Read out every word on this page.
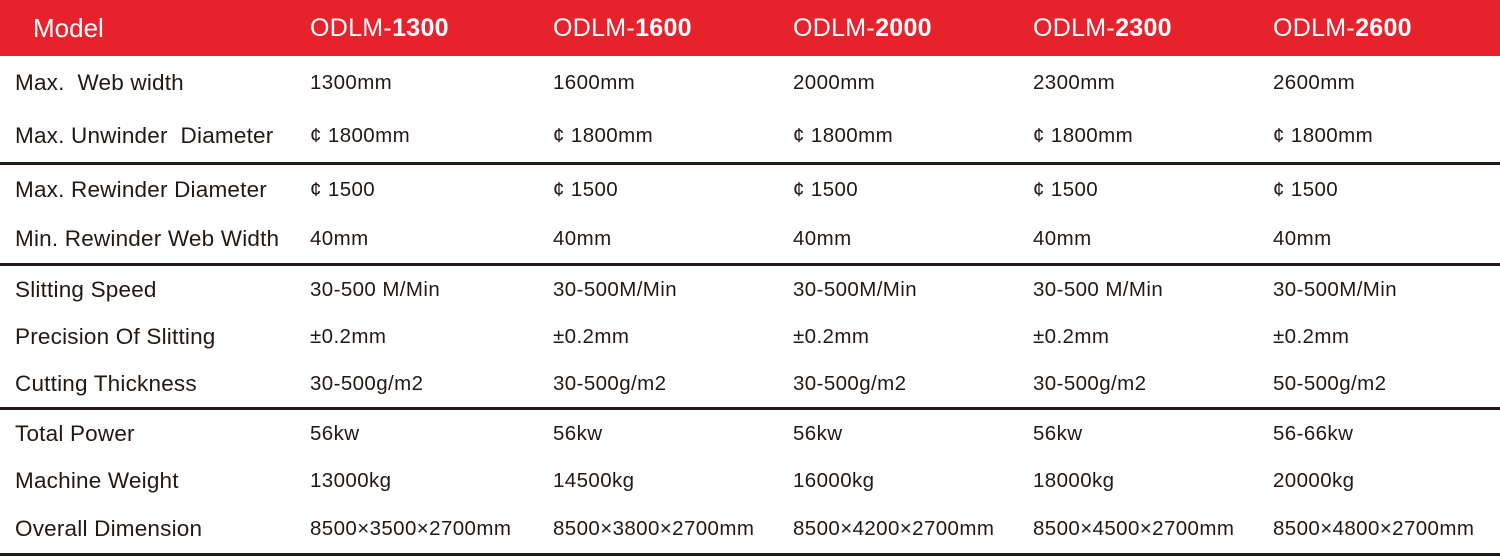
Model	ODLM-1300	ODLM-1600	ODLM-2000	ODLM-2300	ODLM-2600
Max.  Web width	1300mm	1600mm	2000mm	2300mm	2600mm
Max. Unwinder  Diameter	¢ 1800mm	¢ 1800mm	¢ 1800mm	¢ 1800mm	¢ 1800mm
Max. Rewinder Diameter	¢ 1500	¢ 1500	¢ 1500	¢ 1500	¢ 1500
Min. Rewinder Web Width	40mm	40mm	40mm	40mm	40mm
Slitting Speed	30-500 M/Min	30-500M/Min	30-500M/Min	30-500 M/Min	30-500M/Min
Precision Of Slitting	±0.2mm	±0.2mm	±0.2mm	±0.2mm	±0.2mm
Cutting Thickness	30-500g/m2	30-500g/m2	30-500g/m2	30-500g/m2	50-500g/m2
Total Power	56kw	56kw	56kw	56kw	56-66kw
Machine Weight	13000kg	14500kg	16000kg	18000kg	20000kg
Overall Dimension	8500×3500×2700mm	8500×3800×2700mm	8500×4200×2700mm	8500×4500×2700mm	8500×4800×2700mm
